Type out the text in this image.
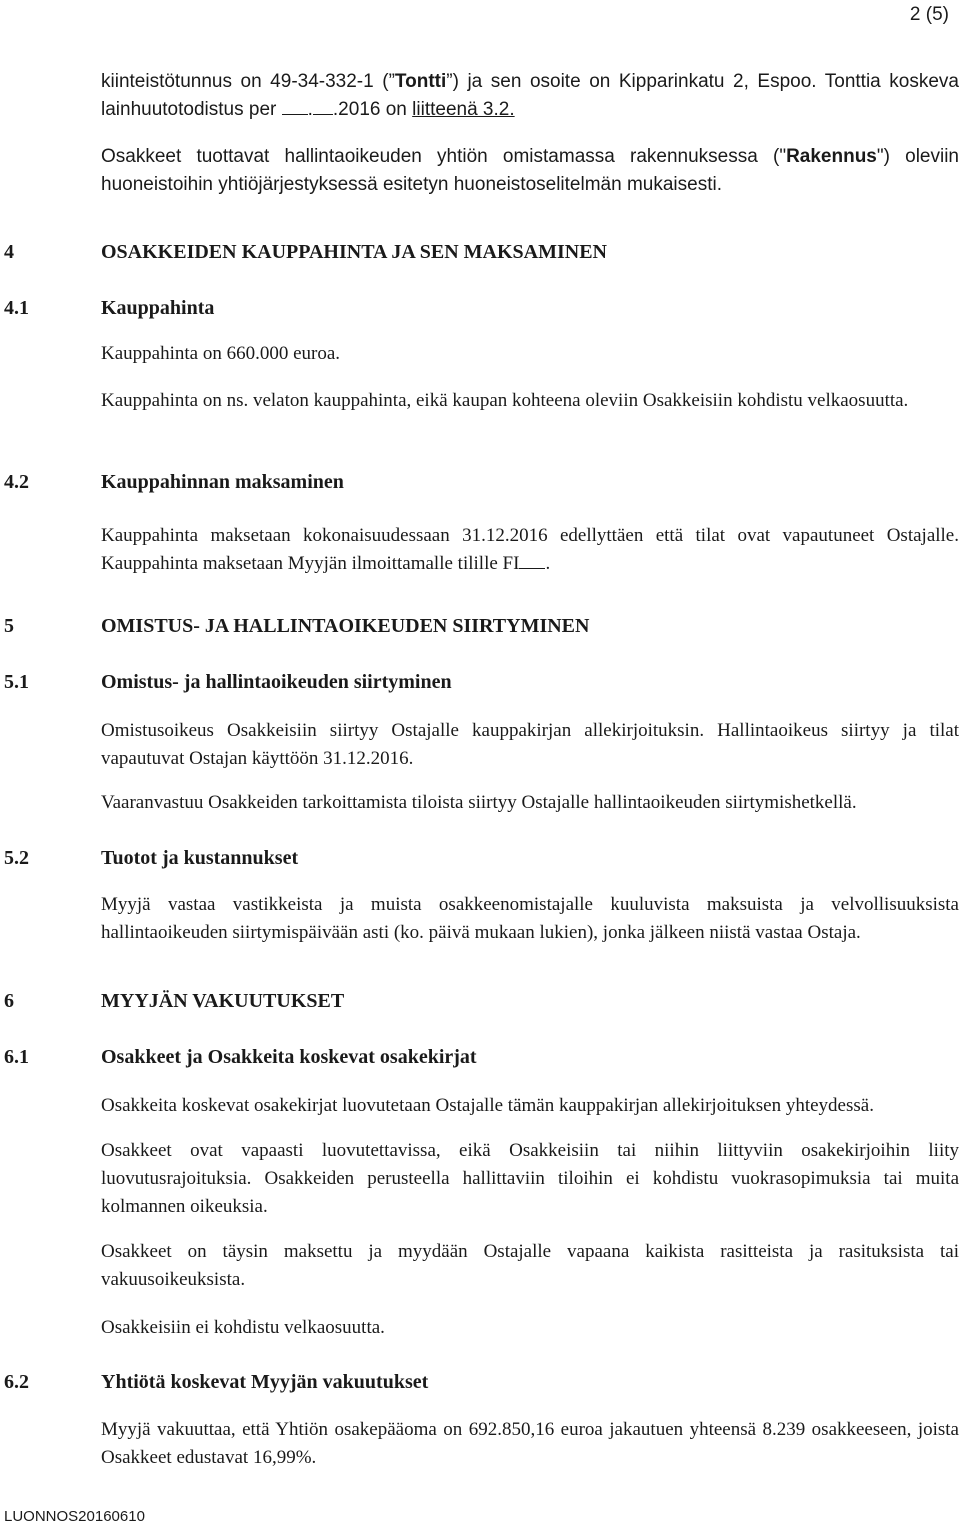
2 (5)

kiinteistötunnus on 49-34-332-1 (”Tontti”) ja sen osoite on Kipparinkatu 2, Espoo. Tonttia koskeva lainhuutotodistus per . .2016 on liitteenä 3.2.

Osakkeet tuottavat hallintaoikeuden yhtiön omistamassa rakennuksessa ("Rakennus") oleviin huoneistoihin yhtiöjärjestyksessä esitetyn huoneistoselitelmän mukaisesti.

4	OSAKKEIDEN KAUPPAHINTA JA SEN MAKSAMINEN
4.1	Kauppahinta

Kauppahinta on 660.000 euroa.

Kauppahinta on ns. velaton kauppahinta, eikä kaupan kohteena oleviin Osakkeisiin kohdistu velkaosuutta.

4.2	Kauppahinnan maksaminen

Kauppahinta maksetaan kokonaisuudessaan 31.12.2016 edellyttäen että tilat ovat vapautuneet Ostajalle. Kauppahinta maksetaan Myyjän ilmoittamalle tilille FI .

5	OMISTUS- JA HALLINTAOIKEUDEN SIIRTYMINEN
5.1	Omistus- ja hallintaoikeuden siirtyminen

Omistusoikeus Osakkeisiin siirtyy Ostajalle kauppakirjan allekirjoituksin. Hallintaoikeus siirtyy ja tilat vapautuvat Ostajan käyttöön 31.12.2016.

Vaaranvastuu Osakkeiden tarkoittamista tiloista siirtyy Ostajalle hallintaoikeuden siirtymishetkellä.

5.2	Tuotot ja kustannukset

Myyjä vastaa vastikkeista ja muista osakkeenomistajalle kuuluvista maksuista ja velvollisuuksista hallintaoikeuden siirtymispäivään asti (ko. päivä mukaan lukien), jonka jälkeen niistä vastaa Ostaja.

6	MYYJÄN VAKUUTUKSET
6.1	Osakkeet ja Osakkeita koskevat osakekirjat

Osakkeita koskevat osakekirjat luovutetaan Ostajalle tämän kauppakirjan allekirjoituksen yhteydessä.

Osakkeet ovat vapaasti luovutettavissa, eikä Osakkeisiin tai niihin liittyviin osakekirjoihin liity luovutusrajoituksia. Osakkeiden perusteella hallittaviin tiloihin ei kohdistu vuokrasopimuksia tai muita kolmannen oikeuksia.

Osakkeet on täysin maksettu ja myydään Ostajalle vapaana kaikista rasitteista ja rasituksista tai vakuusoikeuksista.

Osakkeisiin ei kohdistu velkaosuutta.

6.2	Yhtiötä koskevat Myyjän vakuutukset

Myyjä vakuuttaa, että Yhtiön osakepääoma on 692.850,16 euroa jakautuen yhteensä 8.239 osakkeeseen, joista Osakkeet edustavat 16,99%.

LUONNOS20160610
